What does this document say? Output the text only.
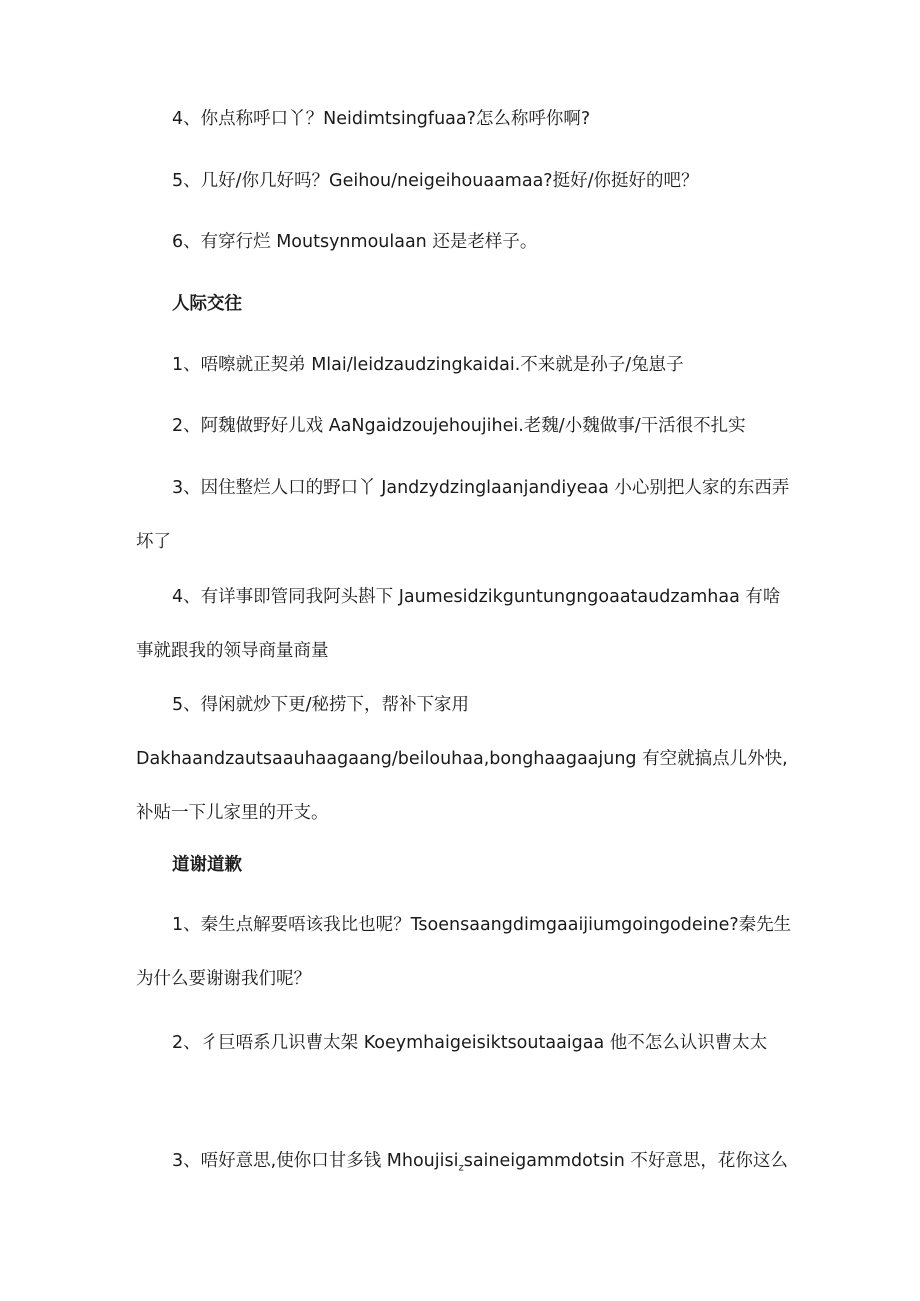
4、你点称呼口丫？Neidimtsingfuaa?怎么称呼你啊?

5、几好/你几好吗？Geihou/neigeihouaamaa?挺好/你挺好的吧？

6、有穿行烂 Moutsynmoulaan 还是老样子。

人际交往

1、唔嚓就正契弟 Mlai/leidzaudzingkaidai.不来就是孙子/兔崽子

2、阿魏做野好儿戏 AaNgaidzoujehoujihei.老魏/小魏做事/干活很不扎实

3、因住整烂人口的野口丫 Jandzydzinglaanjandiyeaa 小心别把人家的东西弄坏了

4、有详事即管同我阿头斟下 Jaumesidzikguntungngoaataudzamhaa 有啥事就跟我的领导商量商量

5、得闲就炒下更/秘捞下，帮补下家用 Dakhaandzautsaauhaagaang/beilouhaa,bonghaagaajung 有空就搞点儿外快,补贴一下儿家里的开支。

道谢道歉

1、秦生点解要唔该我比也呢？Tsoensaangdimgaaijiumgoingodeine?秦先生为什么要谢谢我们呢？

2、彳巨唔系几识曹太架 Koeymhaigeisiktsoutaaigaa 他不怎么认识曹太太

3、唔好意思,使你口甘多钱 Mhoujisi$_z$saineigammdotsin 不好意思，花你这么
